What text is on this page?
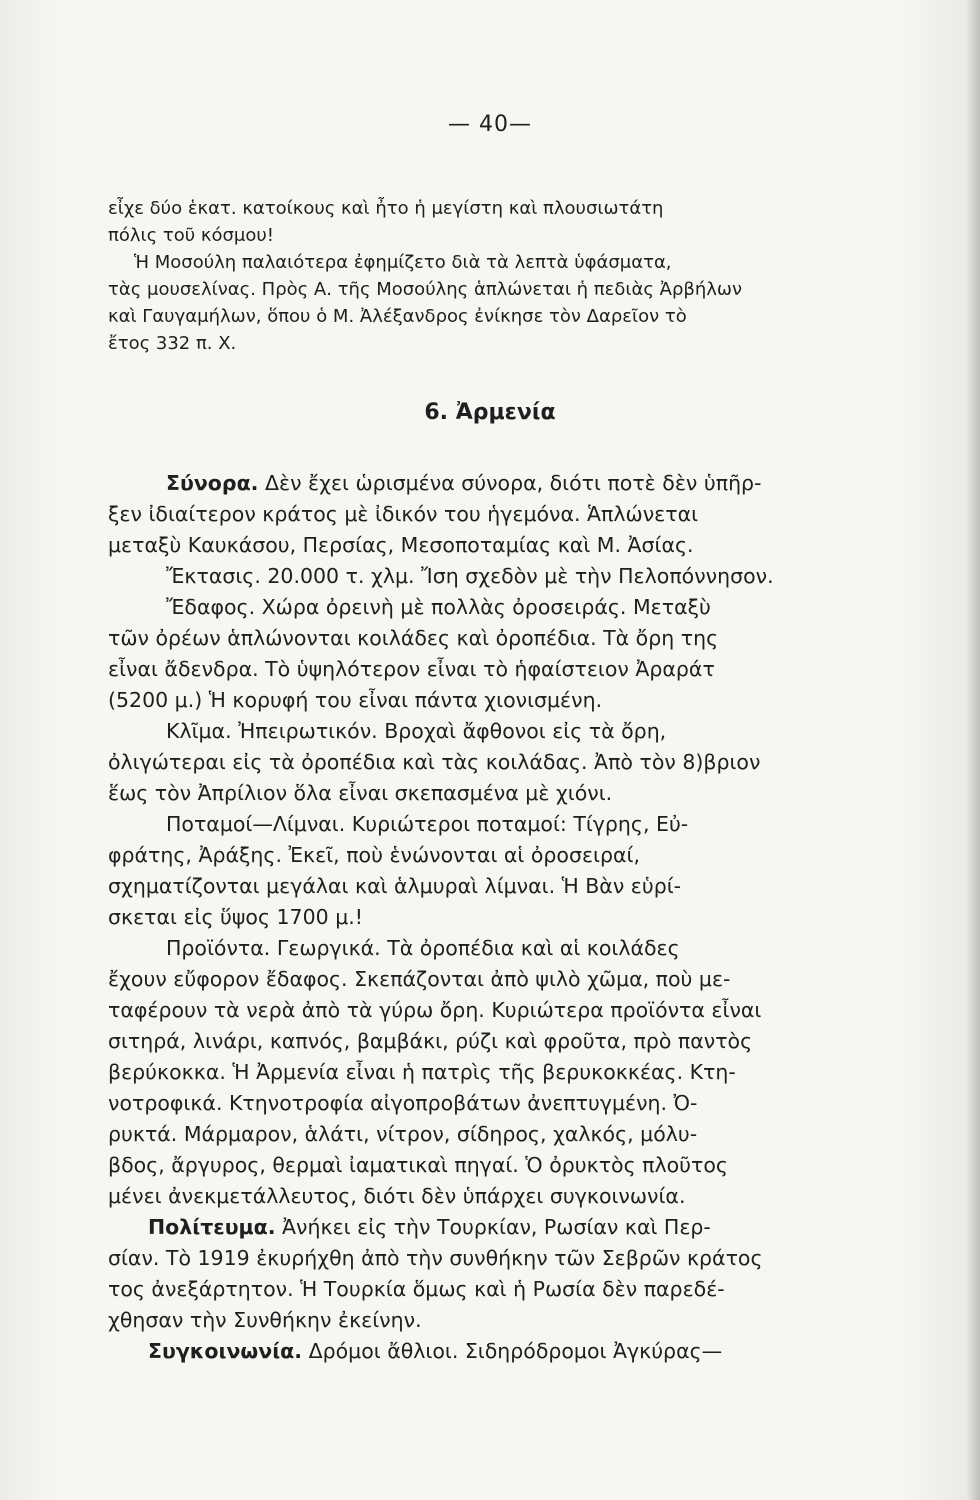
— 40—
εἶχε δύο ἑκατ. κατοίκους καὶ ἦτο ἡ μεγίστη καὶ πλουσιωτάτη
πόλις τοῦ κόσμου!
Ἡ Μοσούλη παλαιότερα ἐφημίζετο διὰ τὰ λεπτὰ ὑφάσματα,
τὰς μουσελίνας. Πρὸς Α. τῆς Μοσούλης ἁπλώνεται ἡ πεδιὰς Ἀρβήλων
καὶ Γαυγαμήλων, ὅπου ὁ Μ. Ἀλέξανδρος ἐνίκησε τὸν Δαρεῖον τὸ
ἔτος 332 π. Χ.
6. Ἀρμενία
Σύνορα. Δὲν ἔχει ὡρισμένα σύνορα, διότι ποτὲ δὲν ὑπῆρ-
ξεν ἰδιαίτερον κράτος μὲ ἰδικόν του ἡγεμόνα. Ἁπλώνεται
μεταξὺ Καυκάσου, Περσίας, Μεσοποταμίας καὶ Μ. Ἀσίας.
Ἔκτασις. 20.000 τ. χλμ. Ἴση σχεδὸν μὲ τὴν Πελοπόννησον.
Ἔδαφος. Χώρα ὀρεινὴ μὲ πολλὰς ὀροσειράς. Μεταξὺ
τῶν ὀρέων ἁπλώνονται κοιλάδες καὶ ὀροπέδια. Τὰ ὄρη της
εἶναι ἄδενδρα. Τὸ ὑψηλότερον εἶναι τὸ ἡφαίστειον Ἀραράτ
(5200 μ.) Ἡ κορυφή του εἶναι πάντα χιονισμένη.
Κλῖμα. Ἠπειρωτικόν. Βροχαὶ ἄφθονοι εἰς τὰ ὄρη,
ὀλιγώτεραι εἰς τὰ ὀροπέδια καὶ τὰς κοιλάδας. Ἀπὸ τὸν 8)βριον
ἕως τὸν Ἀπρίλιον ὅλα εἶναι σκεπασμένα μὲ χιόνι.
Ποταμοί—Λίμναι. Κυριώτεροι ποταμοί: Τίγρης, Εὐ-
φράτης, Ἀράξης. Ἐκεῖ, ποὺ ἑνώνονται αἱ ὀροσειραί,
σχηματίζονται μεγάλαι καὶ ἁλμυραὶ λίμναι. Ἡ Βὰν εὑρί-
σκεται εἰς ὕψος 1700 μ.!
Προϊόντα. Γεωργικά. Τὰ ὀροπέδια καὶ αἱ κοιλάδες
ἔχουν εὔφορον ἔδαφος. Σκεπάζονται ἀπὸ ψιλὸ χῶμα, ποὺ με-
ταφέρουν τὰ νερὰ ἀπὸ τὰ γύρω ὄρη. Κυριώτερα προϊόντα εἶναι
σιτηρά, λινάρι, καπνός, βαμβάκι, ρύζι καὶ φροῦτα, πρὸ παντὸς
βερύκοκκα. Ἡ Ἀρμενία εἶναι ἡ πατρὶς τῆς βερυκοκκέας. Κτη-
νοτροφικά. Κτηνοτροφία αἰγοπροβάτων ἀνεπτυγμένη. Ὀ-
ρυκτά. Μάρμαρον, ἁλάτι, νίτρον, σίδηρος, χαλκός, μόλυ-
βδος, ἄργυρος, θερμαὶ ἰαματικαὶ πηγαί. Ὁ ὀρυκτὸς πλοῦτος
μένει ἀνεκμετάλλευτος, διότι δὲν ὑπάρχει συγκοινωνία.
Πολίτευμα. Ἀνήκει εἰς τὴν Τουρκίαν, Ρωσίαν καὶ Περ-
σίαν. Τὸ 1919 ἐκυρήχθη ἀπὸ τὴν συνθήκην τῶν Σεβρῶν κράτος
τος ἀνεξάρτητον. Ἡ Τουρκία ὅμως καὶ ἡ Ρωσία δὲν παρεδέ-
χθησαν τὴν Συνθήκην ἐκείνην.
Συγκοινωνία. Δρόμοι ἄθλιοι. Σιδηρόδρομοι Ἀγκύρας—
